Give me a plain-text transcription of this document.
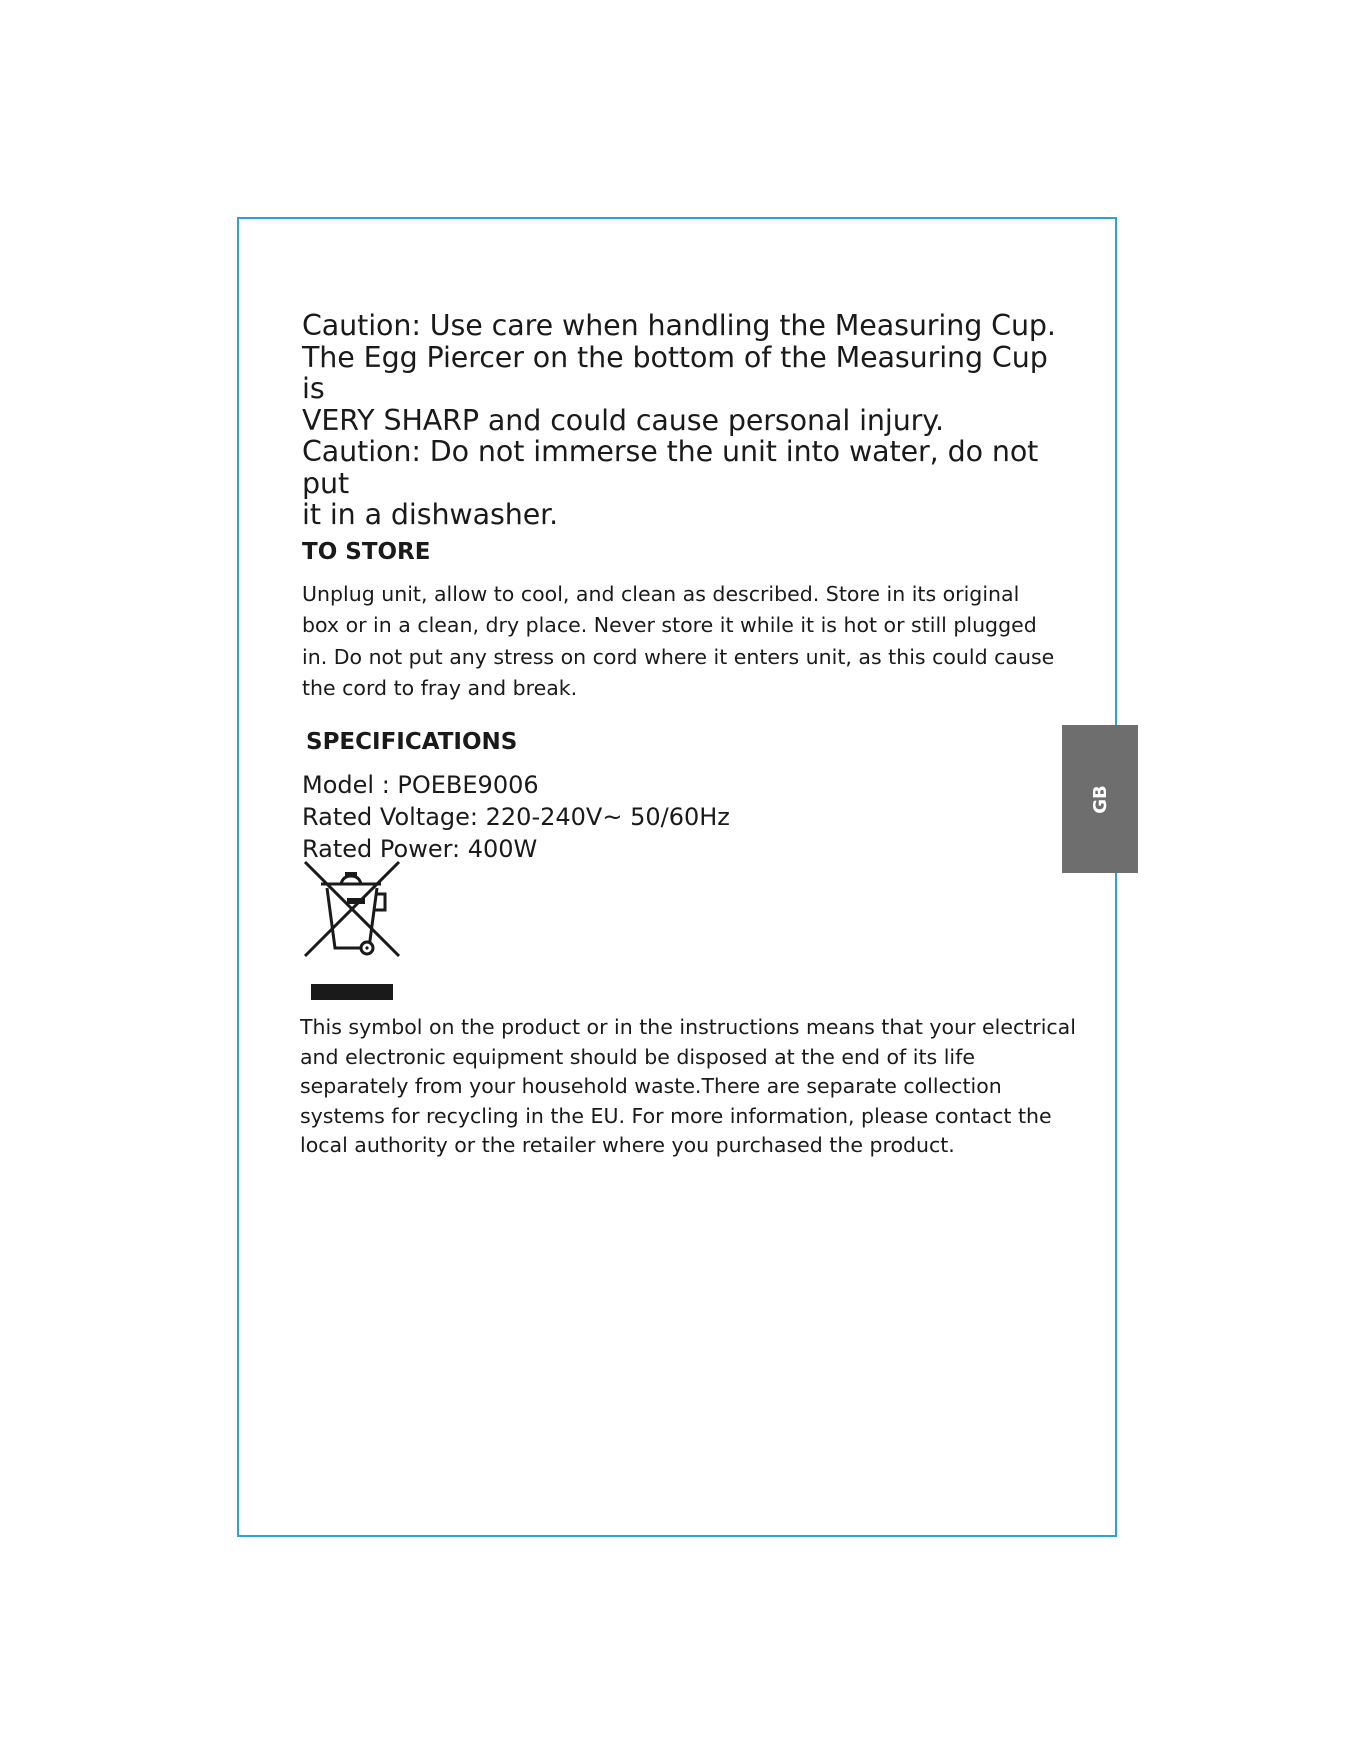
Caution: Use care when handling the Measuring Cup.
The Egg Piercer on the bottom of the Measuring Cup is
VERY SHARP and could cause personal injury.
Caution: Do not immerse the unit into water, do not put
it in a dishwasher.
TO STORE

Unplug unit, allow to cool, and clean as described. Store in its original box or in a clean, dry place. Never store it while it is hot or still plugged in. Do not put any stress on cord where it enters unit, as this could cause the cord to fray and break.

SPECIFICATIONS
Model : POEBE9006
Rated Voltage: 220-240V~ 50/60Hz
Rated Power: 400W

This symbol on the product or in the instructions means that your electrical and electronic equipment should be disposed at the end of its life separately from your household waste.There are separate collection systems for recycling in the EU. For more information, please contact the local authority or the retailer where you purchased the product.

GB
